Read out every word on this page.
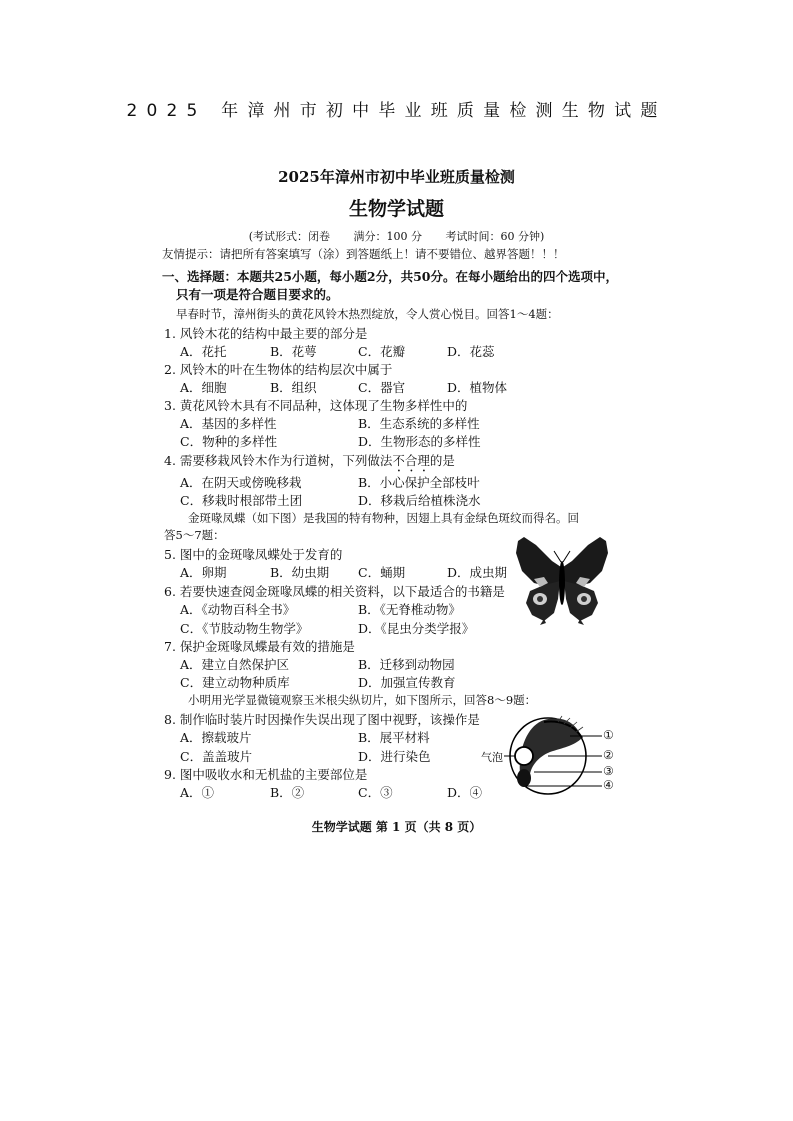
2025 年漳州市初中毕业班质量检测生物试题
2025年漳州市初中毕业班质量检测
生物学试题
(考试形式：闭卷 满分：100 分 考试时间：60 分钟)
友情提示：请把所有答案填写（涂）到答题纸上！请不要错位、越界答题！！！
一、选择题：本题共25小题，每小题2分，共50分。在每小题给出的四个选项中，
只有一项是符合题目要求的。
早春时节，漳州街头的黄花风铃木热烈绽放，令人赏心悦目。回答1～4题：
1. 风铃木花的结构中最主要的部分是
A．花托	B．花萼	C．花瓣	D．花蕊
2. 风铃木的叶在生物体的结构层次中属于
A．细胞	B．组织	C．器官	D．植物体
3. 黄花风铃木具有不同品种，这体现了生物多样性中的
A．基因的多样性	B．生态系统的多样性
C．物种的多样性	D．生物形态的多样性
4. 需要移栽风铃木作为行道树，下列做法不合理的是
A．在阴天或傍晚移栽	B．小心保护全部枝叶
C．移栽时根部带土团	D．移栽后给植株浇水
金斑喙凤蝶（如下图）是我国的特有物种，因翅上具有金绿色斑纹而得名。回
答5～7题：
5. 图中的金斑喙凤蝶处于发育的
A．卵期	B．幼虫期 C．蛹期	D．成虫期
6. 若要快速查阅金斑喙凤蝶的相关资料，以下最适合的书籍是
A．《动物百科全书》	B．《无脊椎动物》
C．《节肢动物生物学》	D．《昆虫分类学报》
7. 保护金斑喙凤蝶最有效的措施是
A．建立自然保护区	B．迁移到动物园
C．建立动物种质库	D．加强宣传教育
小明用光学显微镜观察玉米根尖纵切片，如下图所示，回答8～9题：
8. 制作临时装片时因操作失误出现了图中视野，该操作是
A．擦载玻片	B．展平材料
C．盖盖玻片	D．进行染色
9. 图中吸收水和无机盐的主要部位是
A．①	B．②	C．③	D．④
气泡
①
②
③
④
生物学试题 第 1 页（共 8 页）
